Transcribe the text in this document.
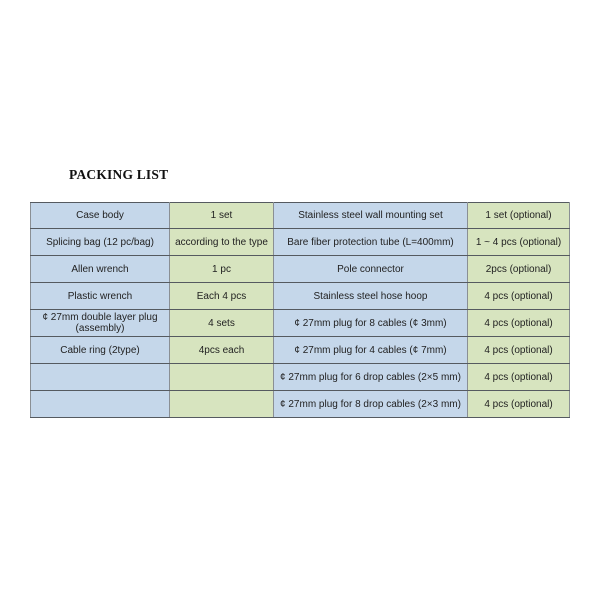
PACKING LIST
Case body	1 set	Stainless steel wall mounting set	1 set (optional)
Splicing bag (12 pc/bag)	according to the type	Bare fiber protection tube (L=400mm)	1 ~ 4 pcs (optional)
Allen wrench	1 pc	Pole connector	2pcs (optional)
Plastic wrench	Each 4 pcs	Stainless steel hose hoop	4 pcs (optional)
¢ 27mm double layer plug (assembly)	4 sets	¢ 27mm plug for 8 cables (¢ 3mm)	4 pcs (optional)
Cable ring (2type)	4pcs each	¢ 27mm plug for 4 cables (¢ 7mm)	4 pcs (optional)
		¢ 27mm plug for 6 drop cables (2×5 mm)	4 pcs (optional)
		¢ 27mm plug for 8 drop cables (2×3 mm)	4 pcs (optional)
